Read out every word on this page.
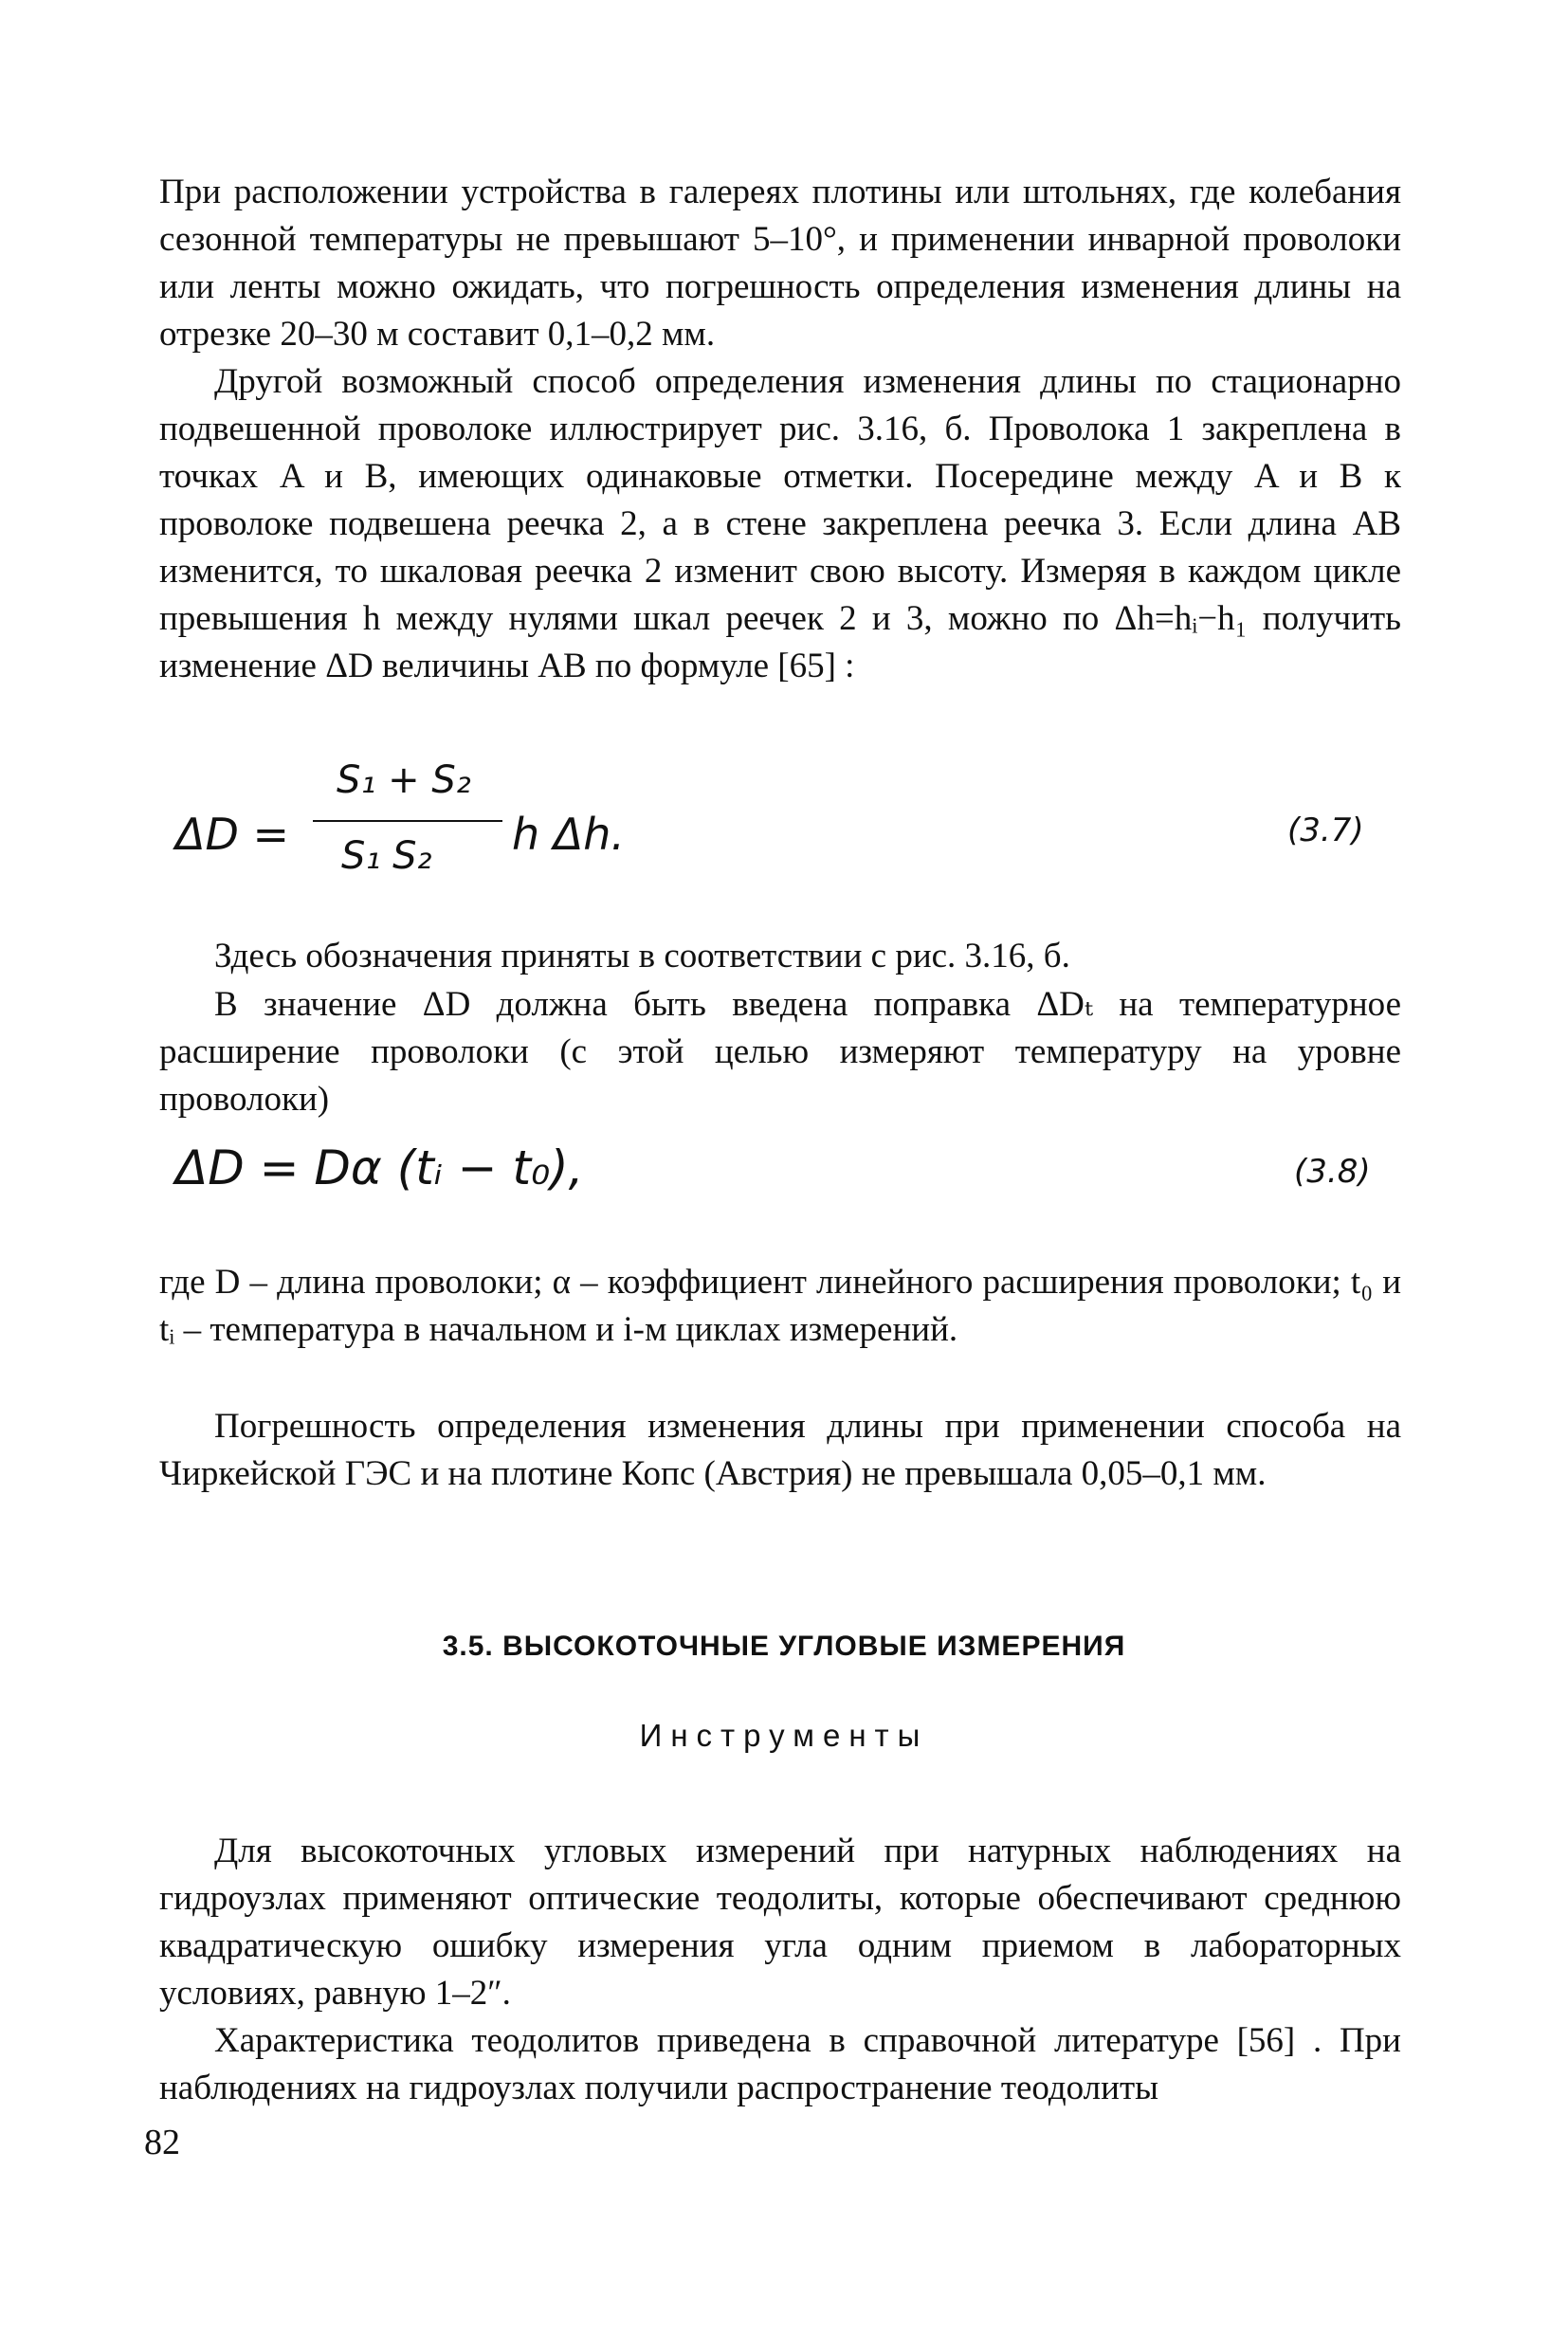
При расположении устройства в галереях плотины или штольнях, где колебания сезонной температуры не превышают 5–10°, и применении инварной проволоки или ленты можно ожидать, что погрешность определения изменения длины на отрезке 20–30 м составит 0,1–0,2 мм.

Другой возможный способ определения изменения длины по стационарно подвешенной проволоке иллюстрирует рис. 3.16, б. Проволока 1 закреплена в точках A и B, имеющих одинаковые отметки. Посередине между A и B к проволоке подвешена реечка 2, а в стене закреплена реечка 3. Если длина AB изменится, то шкаловая реечка 2 изменит свою высоту. Измеряя в каждом цикле превышения h между нулями шкал реечек 2 и 3, можно по Δh=hᵢ−h₁ получить изменение ΔD величины AB по формуле [65] :

ΔD =
S₁ + S₂
S₁ S₂ h Δh.	(3.7)

Здесь обозначения приняты в соответствии с рис. 3.16, б.

В значение ΔD должна быть введена поправка ΔDₜ на температурное расширение проволоки (с этой целью измеряют температуру на уровне проволоки)

ΔD = Dα (tᵢ − t₀),	(3.8)

где D – длина проволоки; α – коэффициент линейного расширения проволоки; t₀ и tᵢ – температура в начальном и i-м циклах измерений.

Погрешность определения изменения длины при применении способа на Чиркейской ГЭС и на плотине Копс (Австрия) не превышала 0,05–0,1 мм.

3.5. ВЫСОКОТОЧНЫЕ УГЛОВЫЕ ИЗМЕРЕНИЯ
Инструменты

Для высокоточных угловых измерений при натурных наблюдениях на гидроузлах применяют оптические теодолиты, которые обеспечивают среднюю квадратическую ошибку измерения угла одним приемом в лабораторных условиях, равную 1–2″.

Характеристика теодолитов приведена в справочной литературе [56] . При наблюдениях на гидроузлах получили распространение теодолиты

82
